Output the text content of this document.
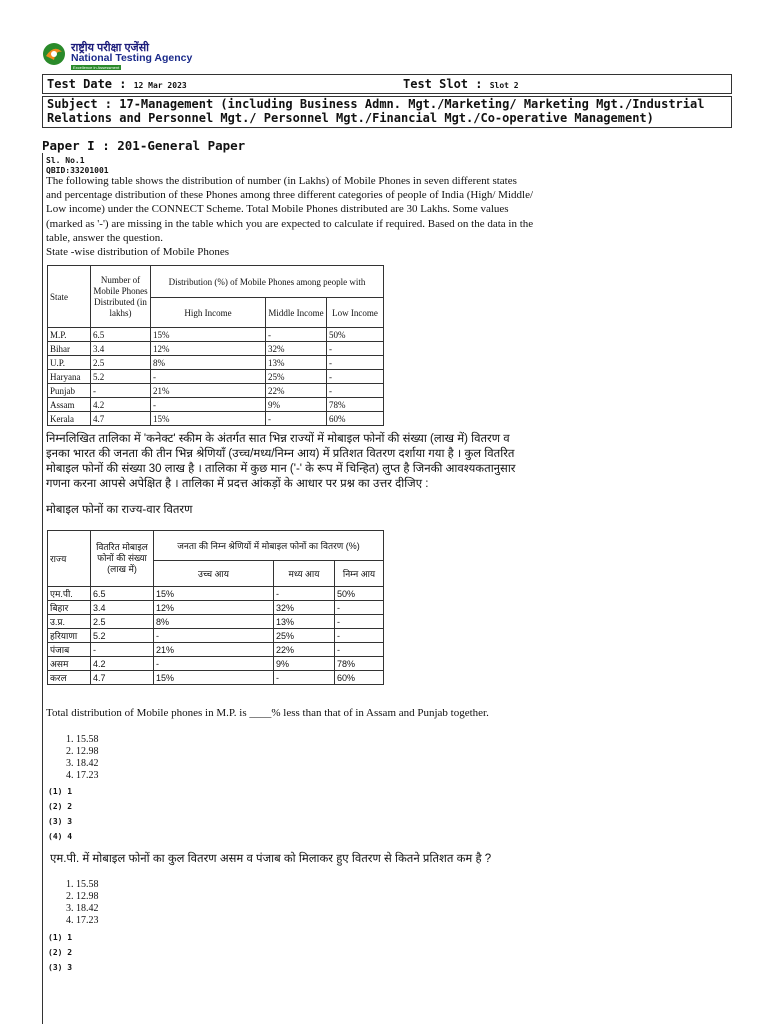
राष्ट्रीय परीक्षा एजेंसी
National Testing Agency
Excellence in Assessment
Test Date : 12 Mar 2023	Test Slot : Slot 2
Subject : 17-Management (including Business Admn. Mgt./Marketing/ Marketing Mgt./Industrial Relations and Personnel Mgt./ Personnel Mgt./Financial Mgt./Co-operative Management)
Paper I : 201-General Paper
Sl. No.1
QBID:33201001
The following table shows the distribution of number (in Lakhs) of Mobile Phones in seven different states
and percentage distribution of these Phones among three different categories of people of India (High/ Middle/
Low income) under the CONNECT Scheme. Total Mobile Phones distributed are 30 Lakhs. Some values
(marked as '-') are missing in the table which you are expected to calculate if required. Based on the data in the
table, answer the question.
State -wise distribution of Mobile Phones
State	Number of Mobile Phones Distributed (in lakhs)	Distribution (%) of Mobile Phones among people with		
		High Income	Middle Income	Low Income
M.P.	6.5	15%	-	50%
Bihar	3.4	12%	32%	-
U.P.	2.5	8%	13%	-
Haryana	5.2	-	25%	-
Punjab	-	21%	22%	-
Assam	4.2	-	9%	78%
Kerala	4.7	15%	-	60%
निम्नलिखित तालिका में 'कनेक्ट' स्कीम के अंतर्गत सात भिन्न राज्यों में मोबाइल फोनों की संख्या (लाख में) वितरण व
इनका भारत की जनता की तीन भिन्न श्रेणियाँ (उच्च/मध्य/निम्न आय) में प्रतिशत वितरण दर्शाया गया है । कुल वितरित
मोबाइल फोनों की संख्या 30 लाख है । तालिका में कुछ मान ('-' के रूप में चिन्हित) लुप्त है जिनकी आवश्यकतानुसार
गणना करना आपसे अपेक्षित है । तालिका में प्रदत्त आंकड़ों के आधार पर प्रश्न का उत्तर दीजिए :
मोबाइल फोनों का राज्य-वार वितरण
राज्य	वितरित मोबाइल फोनों की संख्या (लाख में)	जनता की निम्न श्रेणियों में मोबाइल फोनों का वितरण (%)		
		उच्च आय	मध्य आय	निम्न आय
एम.पी.	6.5	15%	-	50%
बिहार	3.4	12%	32%	-
उ.प्र.	2.5	8%	13%	-
हरियाणा	5.2	-	25%	-
पंजाब	-	21%	22%	-
असम	4.2	-	9%	78%
करल	4.7	15%	-	60%
Total distribution of Mobile phones in M.P. is ____% less than that of in Assam and Punjab together.
1. 15.58
2. 12.98
3. 18.42
4. 17.23
(1) 1
(2) 2
(3) 3
(4) 4
एम.पी. में मोबाइल फोनों का कुल वितरण असम व पंजाब को मिलाकर हुए वितरण से कितने प्रतिशत कम है ?
1. 15.58
2. 12.98
3. 18.42
4. 17.23
(1) 1
(2) 2
(3) 3
